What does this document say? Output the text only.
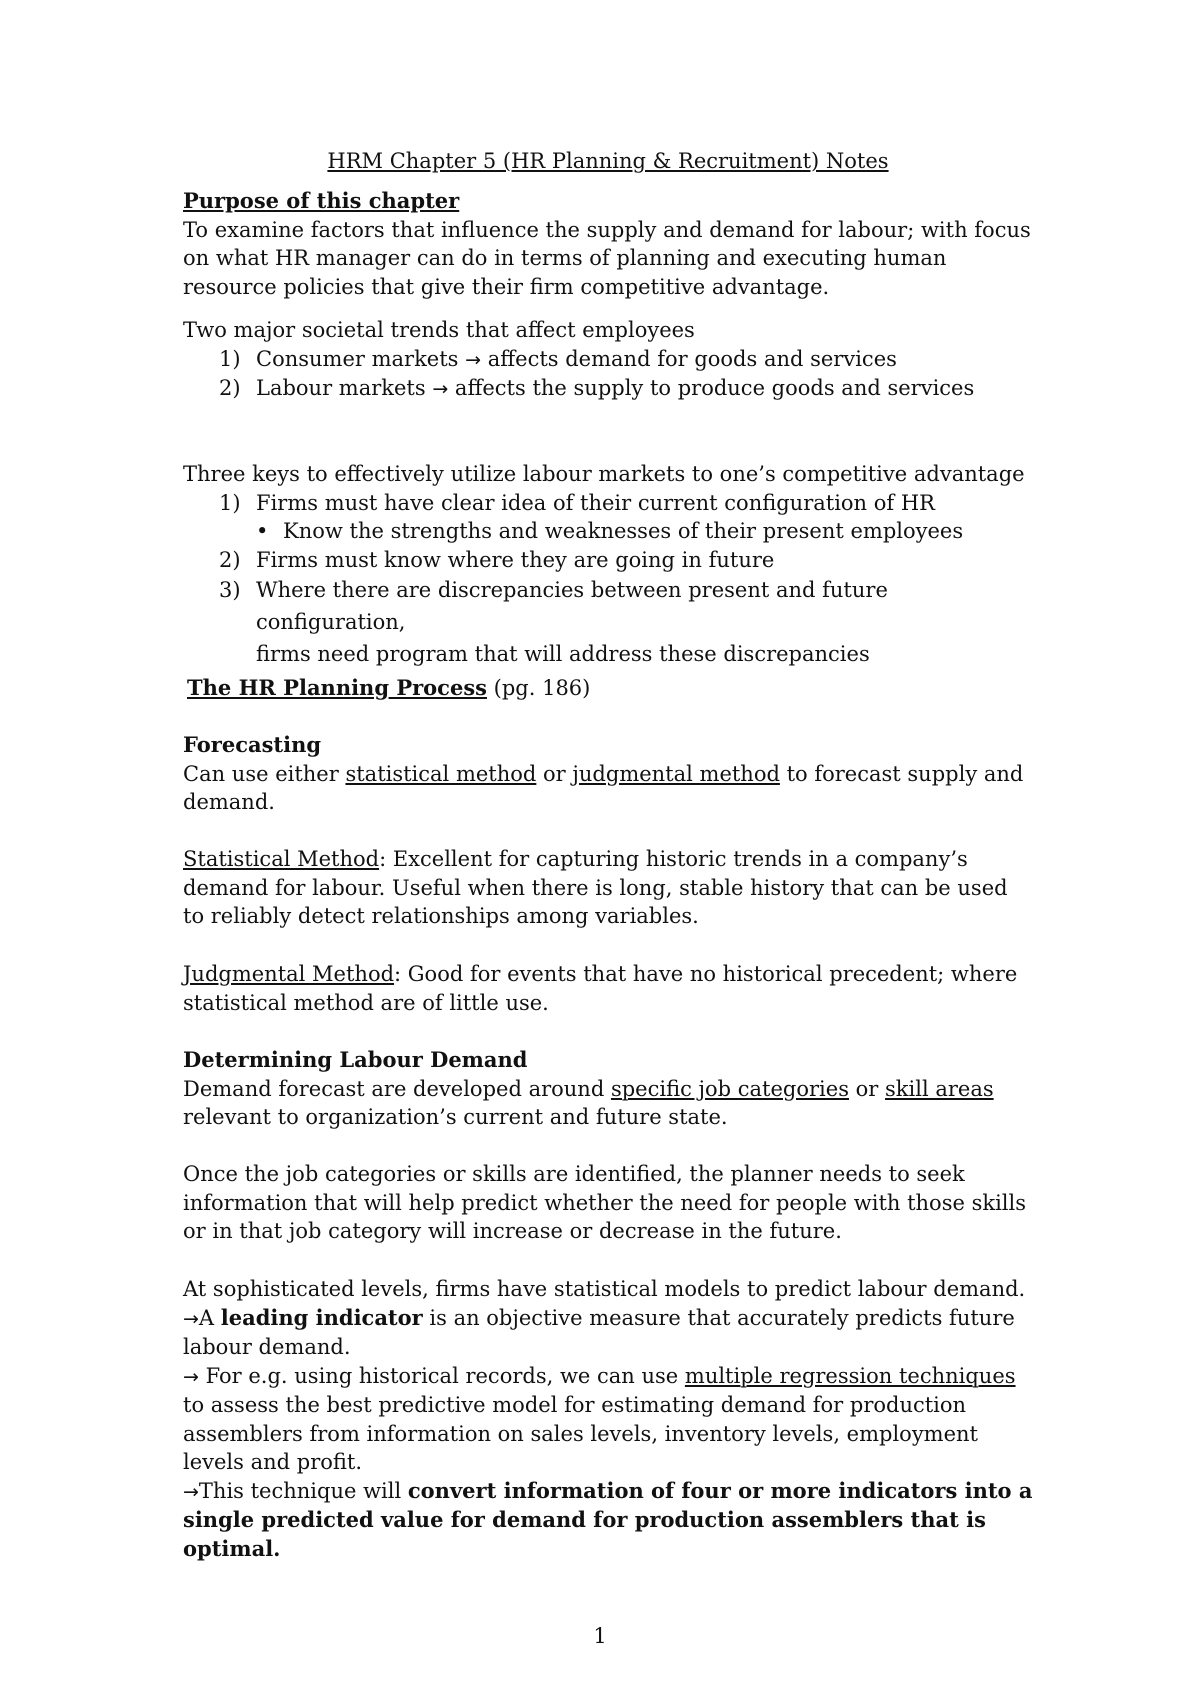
HRM Chapter 5 (HR Planning & Recruitment) Notes

Purpose of this chapter

To examine factors that influence the supply and demand for labour; with focus on what HR manager can do in terms of planning and executing human resource policies that give their firm competitive advantage.

Two major societal trends that affect employees

1) Consumer markets → affects demand for goods and services
2) Labour markets → affects the supply to produce goods and services

Three keys to effectively utilize labour markets to one’s competitive advantage

1) Firms must have clear idea of their current configuration of HR
• Know the strengths and weaknesses of their present employees
2) Firms must know where they are going in future
3) Where there are discrepancies between present and future configuration,
firms need program that will address these discrepancies
The HR Planning Process (pg. 186)

Forecasting

Can use either statistical method or judgmental method to forecast supply and demand.

Statistical Method: Excellent for capturing historic trends in a company’s demand for labour. Useful when there is long, stable history that can be used to reliably detect relationships among variables.

Judgmental Method: Good for events that have no historical precedent; where statistical method are of little use.

Determining Labour Demand

Demand forecast are developed around specific job categories or skill areas relevant to organization’s current and future state.

Once the job categories or skills are identified, the planner needs to seek information that will help predict whether the need for people with those skills or in that job category will increase or decrease in the future.

At sophisticated levels, firms have statistical models to predict labour demand.

→A leading indicator is an objective measure that accurately predicts future labour demand.

→ For e.g. using historical records, we can use multiple regression techniques to assess the best predictive model for estimating demand for production assemblers from information on sales levels, inventory levels, employment levels and profit.

→This technique will convert information of four or more indicators into a single predicted value for demand for production assemblers that is optimal.

1
